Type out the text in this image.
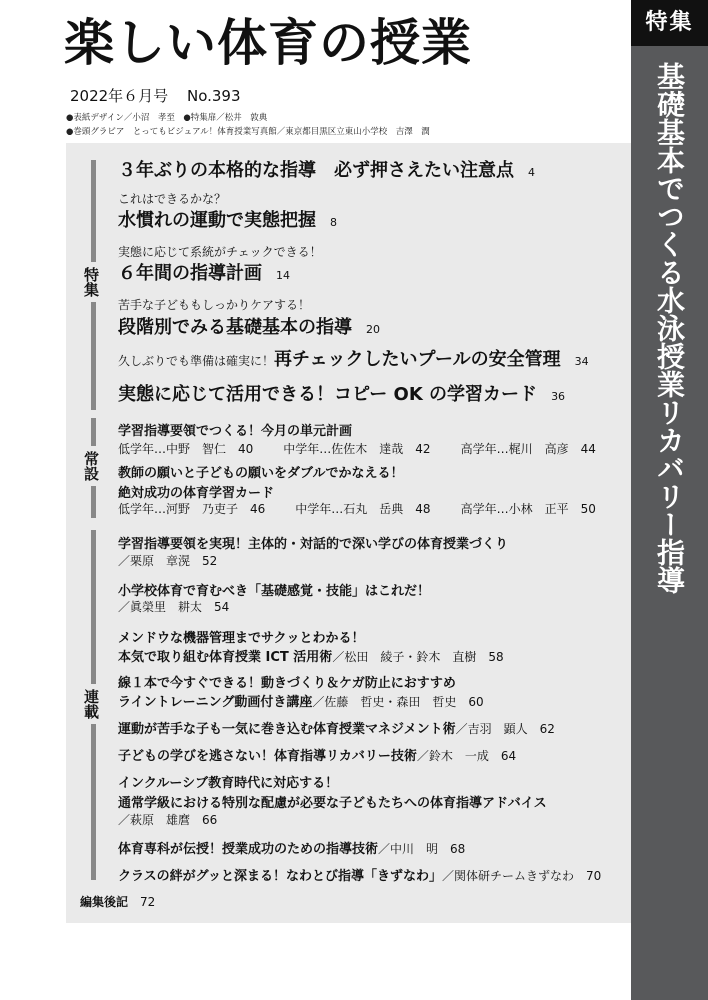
楽しい体育の授業
2022年６月号 No.393
●表紙デザイン／小沼　孝至　●特集扉／松井　敦典
●巻頭グラビア　とってもビジュアル！体育授業写真館／東京都目黒区立東山小学校　吉澤　潤
特集
基礎基本でつくる水泳授業リカバリー指導
特集
常設
連載
３年ぶりの本格的な指導　必ず押さえたい注意点 4
これはできるかな？
水慣れの運動で実態把握 8
実態に応じて系統がチェックできる！
６年間の指導計画 14
苦手な子どももしっかりケアする！
段階別でみる基礎基本の指導 20
久しぶりでも準備は確実に！再チェックしたいプールの安全管理 34
実態に応じて活用できる！コピー OK の学習カード 36
学習指導要領でつくる！今月の単元計画
低学年…中野　智仁　40	中学年…佐佐木　達哉　42	高学年…梶川　高彦　44
教師の願いと子どもの願いをダブルでかなえる！
絶対成功の体育学習カード
低学年…河野　乃吏子　46	中学年…石丸　岳典　48	高学年…小林　正平　50
学習指導要領を実現！主体的・対話的で深い学びの体育授業づくり
／栗原　章滉　52
小学校体育で育むべき「基礎感覚・技能」はこれだ！
／眞榮里　耕太　54
メンドウな機器管理までサクッとわかる！
本気で取り組む体育授業 ICT 活用術／松田　綾子・鈴木　直樹　58
線１本で今すぐできる！動きづくり＆ケガ防止におすすめ
ライントレーニング動画付き講座／佐藤　哲史・森田　哲史　60
運動が苦手な子も一気に巻き込む体育授業マネジメント術／吉羽　顕人　62
子どもの学びを逃さない！体育指導リカバリー技術／鈴木　一成　64
インクルーシブ教育時代に対応する！
通常学級における特別な配慮が必要な子どもたちへの体育指導アドバイス
／萩原　雄麿　66
体育専科が伝授！授業成功のための指導技術／中川　明　68
クラスの絆がグッと深まる！なわとび指導「きずなわ」／関体研チームきずなわ　70
編集後記 72
